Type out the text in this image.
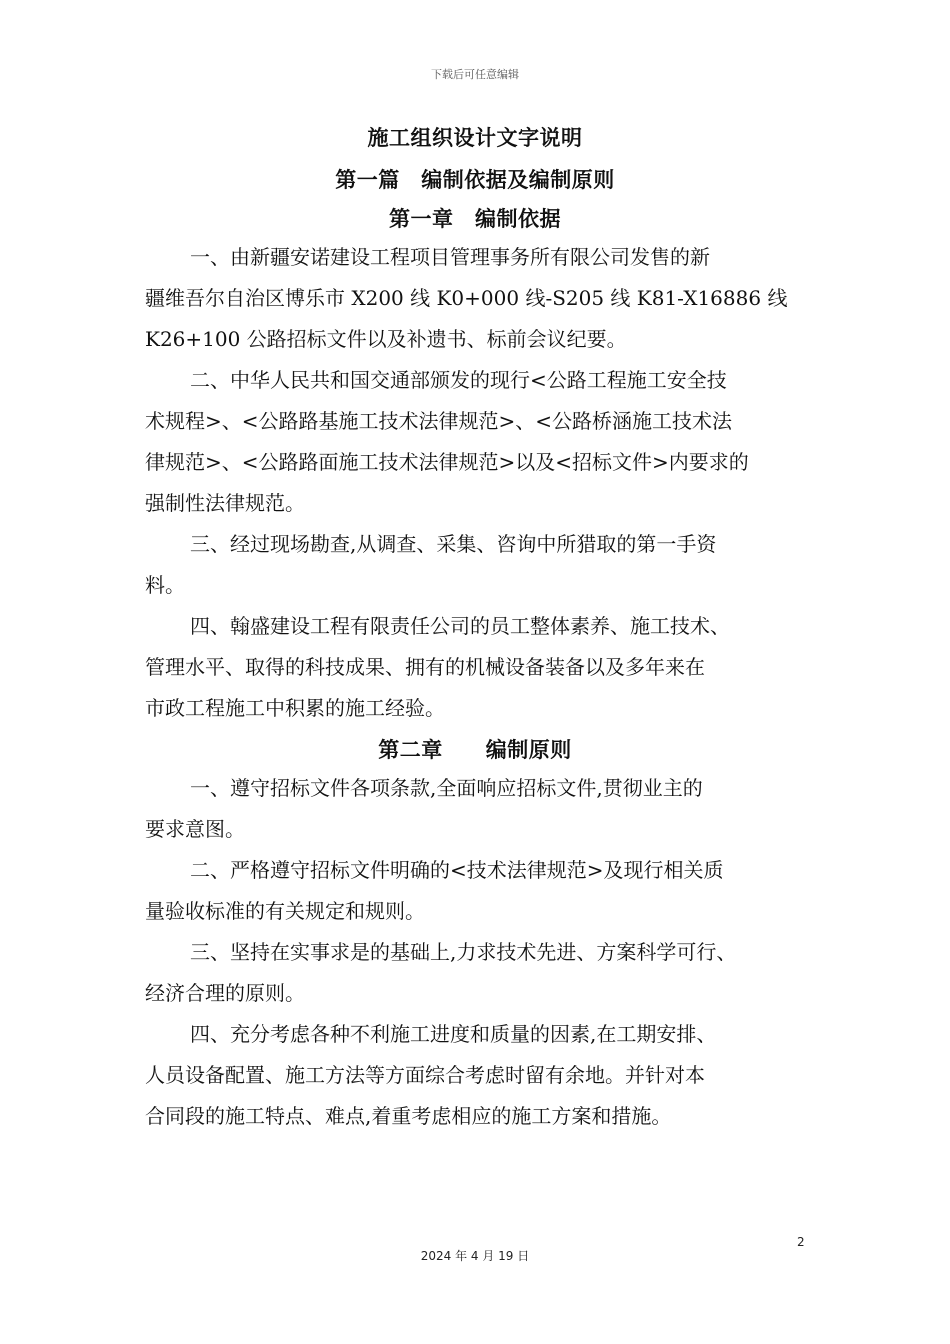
下载后可任意编辑
施工组织设计文字说明
第一篇　编制依据及编制原则
第一章　编制依据
一、由新疆安诺建设工程项目管理事务所有限公司发售的新
疆维吾尔自治区博乐市 X200 线 K0+000 线-S205 线 K81-X16886 线
K26+100 公路招标文件以及补遗书、标前会议纪要。
二、中华人民共和国交通部颁发的现行<公路工程施工安全技
术规程>、<公路路基施工技术法律规范>、<公路桥涵施工技术法
律规范>、<公路路面施工技术法律规范>以及<招标文件>内要求的
强制性法律规范。
三、经过现场勘查,从调查、采集、咨询中所猎取的第一手资
料。
四、翰盛建设工程有限责任公司的员工整体素养、施工技术、
管理水平、取得的科技成果、拥有的机械设备装备以及多年来在
市政工程施工中积累的施工经验。
第二章　　编制原则
一、遵守招标文件各项条款,全面响应招标文件,贯彻业主的
要求意图。
二、严格遵守招标文件明确的<技术法律规范>及现行相关质
量验收标准的有关规定和规则。
三、坚持在实事求是的基础上,力求技术先进、方案科学可行、
经济合理的原则。
四、充分考虑各种不利施工进度和质量的因素,在工期安排、
人员设备配置、施工方法等方面综合考虑时留有余地。并针对本
合同段的施工特点、难点,着重考虑相应的施工方案和措施。
2
2024 年 4 月 19 日
